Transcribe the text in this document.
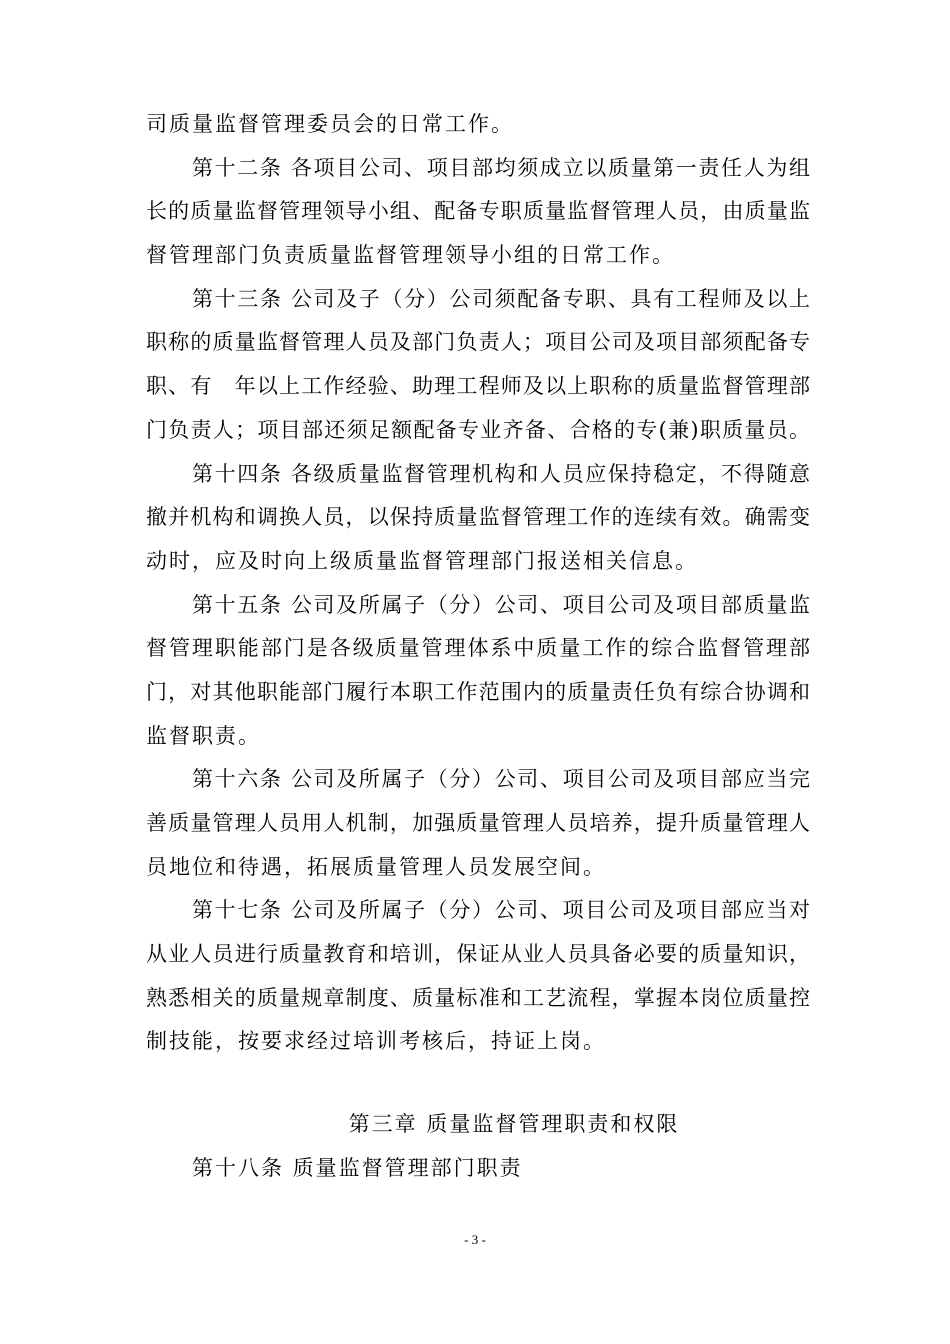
司质量监督管理委员会的日常工作。
第十二条 各项目公司、项目部均须成立以质量第一责任人为组
长的质量监督管理领导小组、配备专职质量监督管理人员，由质量监
督管理部门负责质量监督管理领导小组的日常工作。
第十三条 公司及子（分）公司须配备专职、具有工程师及以上
职称的质量监督管理人员及部门负责人；项目公司及项目部须配备专
职、有　年以上工作经验、助理工程师及以上职称的质量监督管理部
门负责人；项目部还须足额配备专业齐备、合格的专(兼)职质量员。
第十四条 各级质量监督管理机构和人员应保持稳定，不得随意
撤并机构和调换人员，以保持质量监督管理工作的连续有效。确需变
动时，应及时向上级质量监督管理部门报送相关信息。
第十五条 公司及所属子（分）公司、项目公司及项目部质量监
督管理职能部门是各级质量管理体系中质量工作的综合监督管理部
门，对其他职能部门履行本职工作范围内的质量责任负有综合协调和
监督职责。
第十六条 公司及所属子（分）公司、项目公司及项目部应当完
善质量管理人员用人机制，加强质量管理人员培养，提升质量管理人
员地位和待遇，拓展质量管理人员发展空间。
第十七条 公司及所属子（分）公司、项目公司及项目部应当对
从业人员进行质量教育和培训，保证从业人员具备必要的质量知识，
熟悉相关的质量规章制度、质量标准和工艺流程，掌握本岗位质量控
制技能，按要求经过培训考核后，持证上岗。
第三章 质量监督管理职责和权限
第十八条 质量监督管理部门职责
- 3 -
